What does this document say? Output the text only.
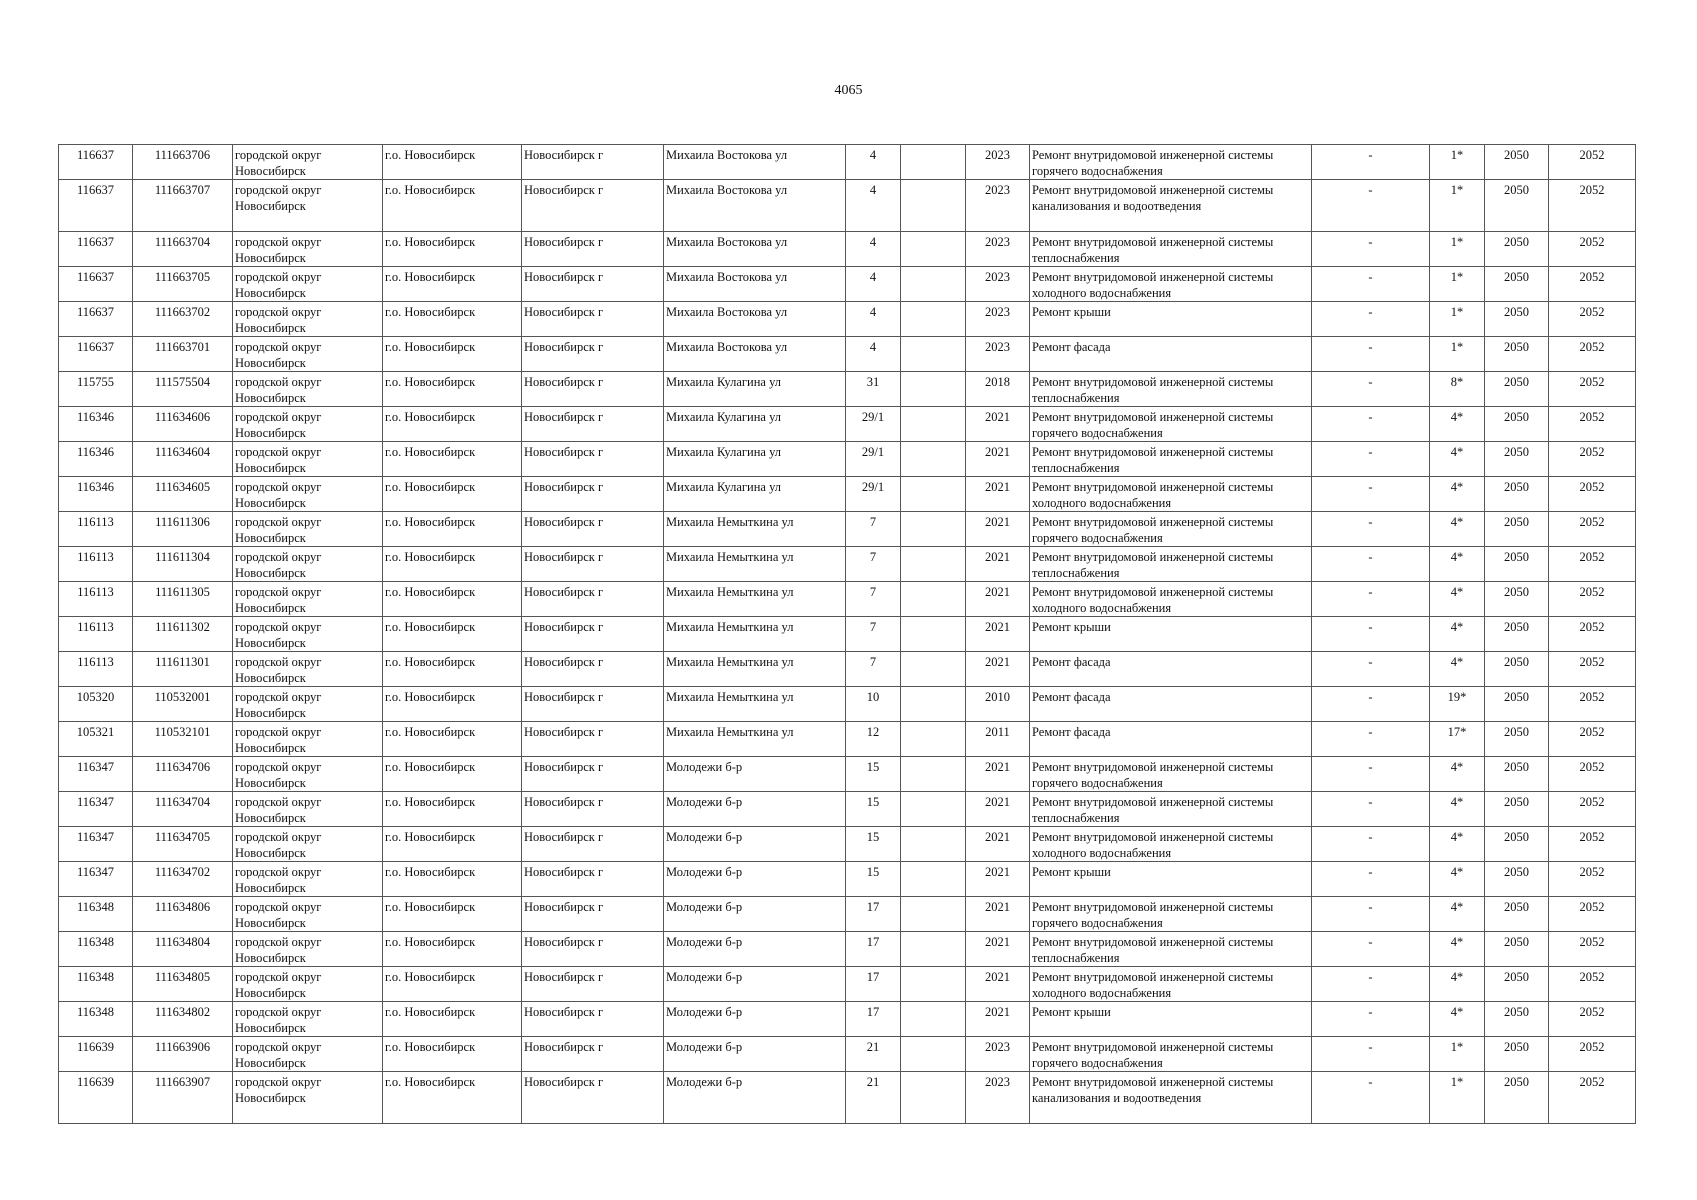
4065
116637	111663706	городской округ Новосибирск	г.о. Новосибирск	Новосибирск г	Михаила Востокова ул	4		2023	Ремонт внутридомовой инженерной системы горячего водоснабжения	-	1*	2050	2052
116637	111663707	городской округ Новосибирск	г.о. Новосибирск	Новосибирск г	Михаила Востокова ул	4		2023	Ремонт внутридомовой инженерной системы канализования и водоотведения	-	1*	2050	2052
116637	111663704	городской округ Новосибирск	г.о. Новосибирск	Новосибирск г	Михаила Востокова ул	4		2023	Ремонт внутридомовой инженерной системы теплоснабжения	-	1*	2050	2052
116637	111663705	городской округ Новосибирск	г.о. Новосибирск	Новосибирск г	Михаила Востокова ул	4		2023	Ремонт внутридомовой инженерной системы холодного водоснабжения	-	1*	2050	2052
116637	111663702	городской округ Новосибирск	г.о. Новосибирск	Новосибирск г	Михаила Востокова ул	4		2023	Ремонт крыши	-	1*	2050	2052
116637	111663701	городской округ Новосибирск	г.о. Новосибирск	Новосибирск г	Михаила Востокова ул	4		2023	Ремонт фасада	-	1*	2050	2052
115755	111575504	городской округ Новосибирск	г.о. Новосибирск	Новосибирск г	Михаила Кулагина ул	31		2018	Ремонт внутридомовой инженерной системы теплоснабжения	-	8*	2050	2052
116346	111634606	городской округ Новосибирск	г.о. Новосибирск	Новосибирск г	Михаила Кулагина ул	29/1		2021	Ремонт внутридомовой инженерной системы горячего водоснабжения	-	4*	2050	2052
116346	111634604	городской округ Новосибирск	г.о. Новосибирск	Новосибирск г	Михаила Кулагина ул	29/1		2021	Ремонт внутридомовой инженерной системы теплоснабжения	-	4*	2050	2052
116346	111634605	городской округ Новосибирск	г.о. Новосибирск	Новосибирск г	Михаила Кулагина ул	29/1		2021	Ремонт внутридомовой инженерной системы холодного водоснабжения	-	4*	2050	2052
116113	111611306	городской округ Новосибирск	г.о. Новосибирск	Новосибирск г	Михаила Немыткина ул	7		2021	Ремонт внутридомовой инженерной системы горячего водоснабжения	-	4*	2050	2052
116113	111611304	городской округ Новосибирск	г.о. Новосибирск	Новосибирск г	Михаила Немыткина ул	7		2021	Ремонт внутридомовой инженерной системы теплоснабжения	-	4*	2050	2052
116113	111611305	городской округ Новосибирск	г.о. Новосибирск	Новосибирск г	Михаила Немыткина ул	7		2021	Ремонт внутридомовой инженерной системы холодного водоснабжения	-	4*	2050	2052
116113	111611302	городской округ Новосибирск	г.о. Новосибирск	Новосибирск г	Михаила Немыткина ул	7		2021	Ремонт крыши	-	4*	2050	2052
116113	111611301	городской округ Новосибирск	г.о. Новосибирск	Новосибирск г	Михаила Немыткина ул	7		2021	Ремонт фасада	-	4*	2050	2052
105320	110532001	городской округ Новосибирск	г.о. Новосибирск	Новосибирск г	Михаила Немыткина ул	10		2010	Ремонт фасада	-	19*	2050	2052
105321	110532101	городской округ Новосибирск	г.о. Новосибирск	Новосибирск г	Михаила Немыткина ул	12		2011	Ремонт фасада	-	17*	2050	2052
116347	111634706	городской округ Новосибирск	г.о. Новосибирск	Новосибирск г	Молодежи б-р	15		2021	Ремонт внутридомовой инженерной системы горячего водоснабжения	-	4*	2050	2052
116347	111634704	городской округ Новосибирск	г.о. Новосибирск	Новосибирск г	Молодежи б-р	15		2021	Ремонт внутридомовой инженерной системы теплоснабжения	-	4*	2050	2052
116347	111634705	городской округ Новосибирск	г.о. Новосибирск	Новосибирск г	Молодежи б-р	15		2021	Ремонт внутридомовой инженерной системы холодного водоснабжения	-	4*	2050	2052
116347	111634702	городской округ Новосибирск	г.о. Новосибирск	Новосибирск г	Молодежи б-р	15		2021	Ремонт крыши	-	4*	2050	2052
116348	111634806	городской округ Новосибирск	г.о. Новосибирск	Новосибирск г	Молодежи б-р	17		2021	Ремонт внутридомовой инженерной системы горячего водоснабжения	-	4*	2050	2052
116348	111634804	городской округ Новосибирск	г.о. Новосибирск	Новосибирск г	Молодежи б-р	17		2021	Ремонт внутридомовой инженерной системы теплоснабжения	-	4*	2050	2052
116348	111634805	городской округ Новосибирск	г.о. Новосибирск	Новосибирск г	Молодежи б-р	17		2021	Ремонт внутридомовой инженерной системы холодного водоснабжения	-	4*	2050	2052
116348	111634802	городской округ Новосибирск	г.о. Новосибирск	Новосибирск г	Молодежи б-р	17		2021	Ремонт крыши	-	4*	2050	2052
116639	111663906	городской округ Новосибирск	г.о. Новосибирск	Новосибирск г	Молодежи б-р	21		2023	Ремонт внутридомовой инженерной системы горячего водоснабжения	-	1*	2050	2052
116639	111663907	городской округ Новосибирск	г.о. Новосибирск	Новосибирск г	Молодежи б-р	21		2023	Ремонт внутридомовой инженерной системы канализования и водоотведения	-	1*	2050	2052
